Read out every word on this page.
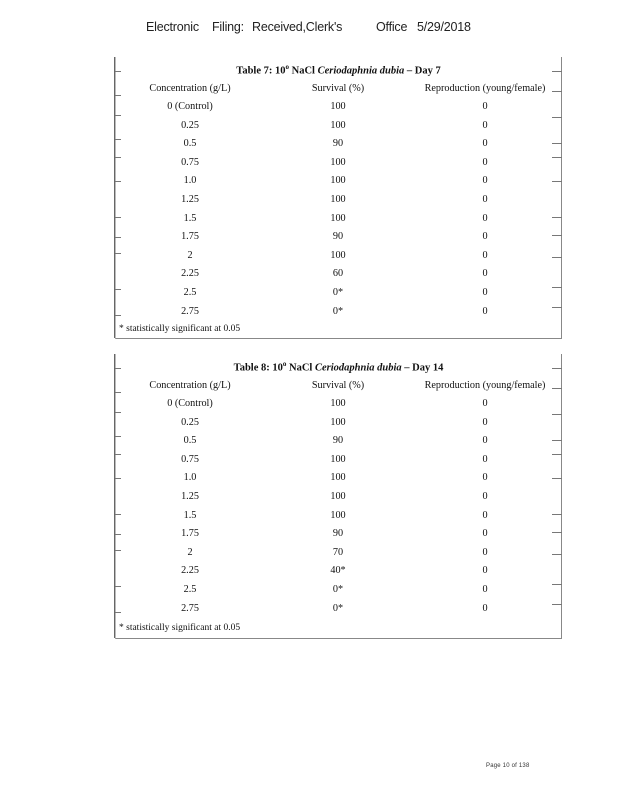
Electronic Filing: Received,Clerk's	Office 5/29/2018
Table 7: 10$^o$ NaCl Ceriodaphnia dubia – Day 7
Concentration (g/L)	Survival (%)	Reproduction (young/female)
0 (Control)	100	0
0.25	100	0
0.5	90	0
0.75	100	0
1.0	100	0
1.25	100	0
1.5	100	0
1.75	90	0
2	100	0
2.25	60	0
2.5	0*	0
2.75	0*	0
* statistically significant at 0.05
Table 8: 10$^o$ NaCl Ceriodaphnia dubia – Day 14
Concentration (g/L)	Survival (%)	Reproduction (young/female)
0 (Control)	100	0
0.25	100	0
0.5	90	0
0.75	100	0
1.0	100	0
1.25	100	0
1.5	100	0
1.75	90	0
2	70	0
2.25	40*	0
2.5	0*	0
2.75	0*	0
* statistically significant at 0.05
Page 10 of 138
